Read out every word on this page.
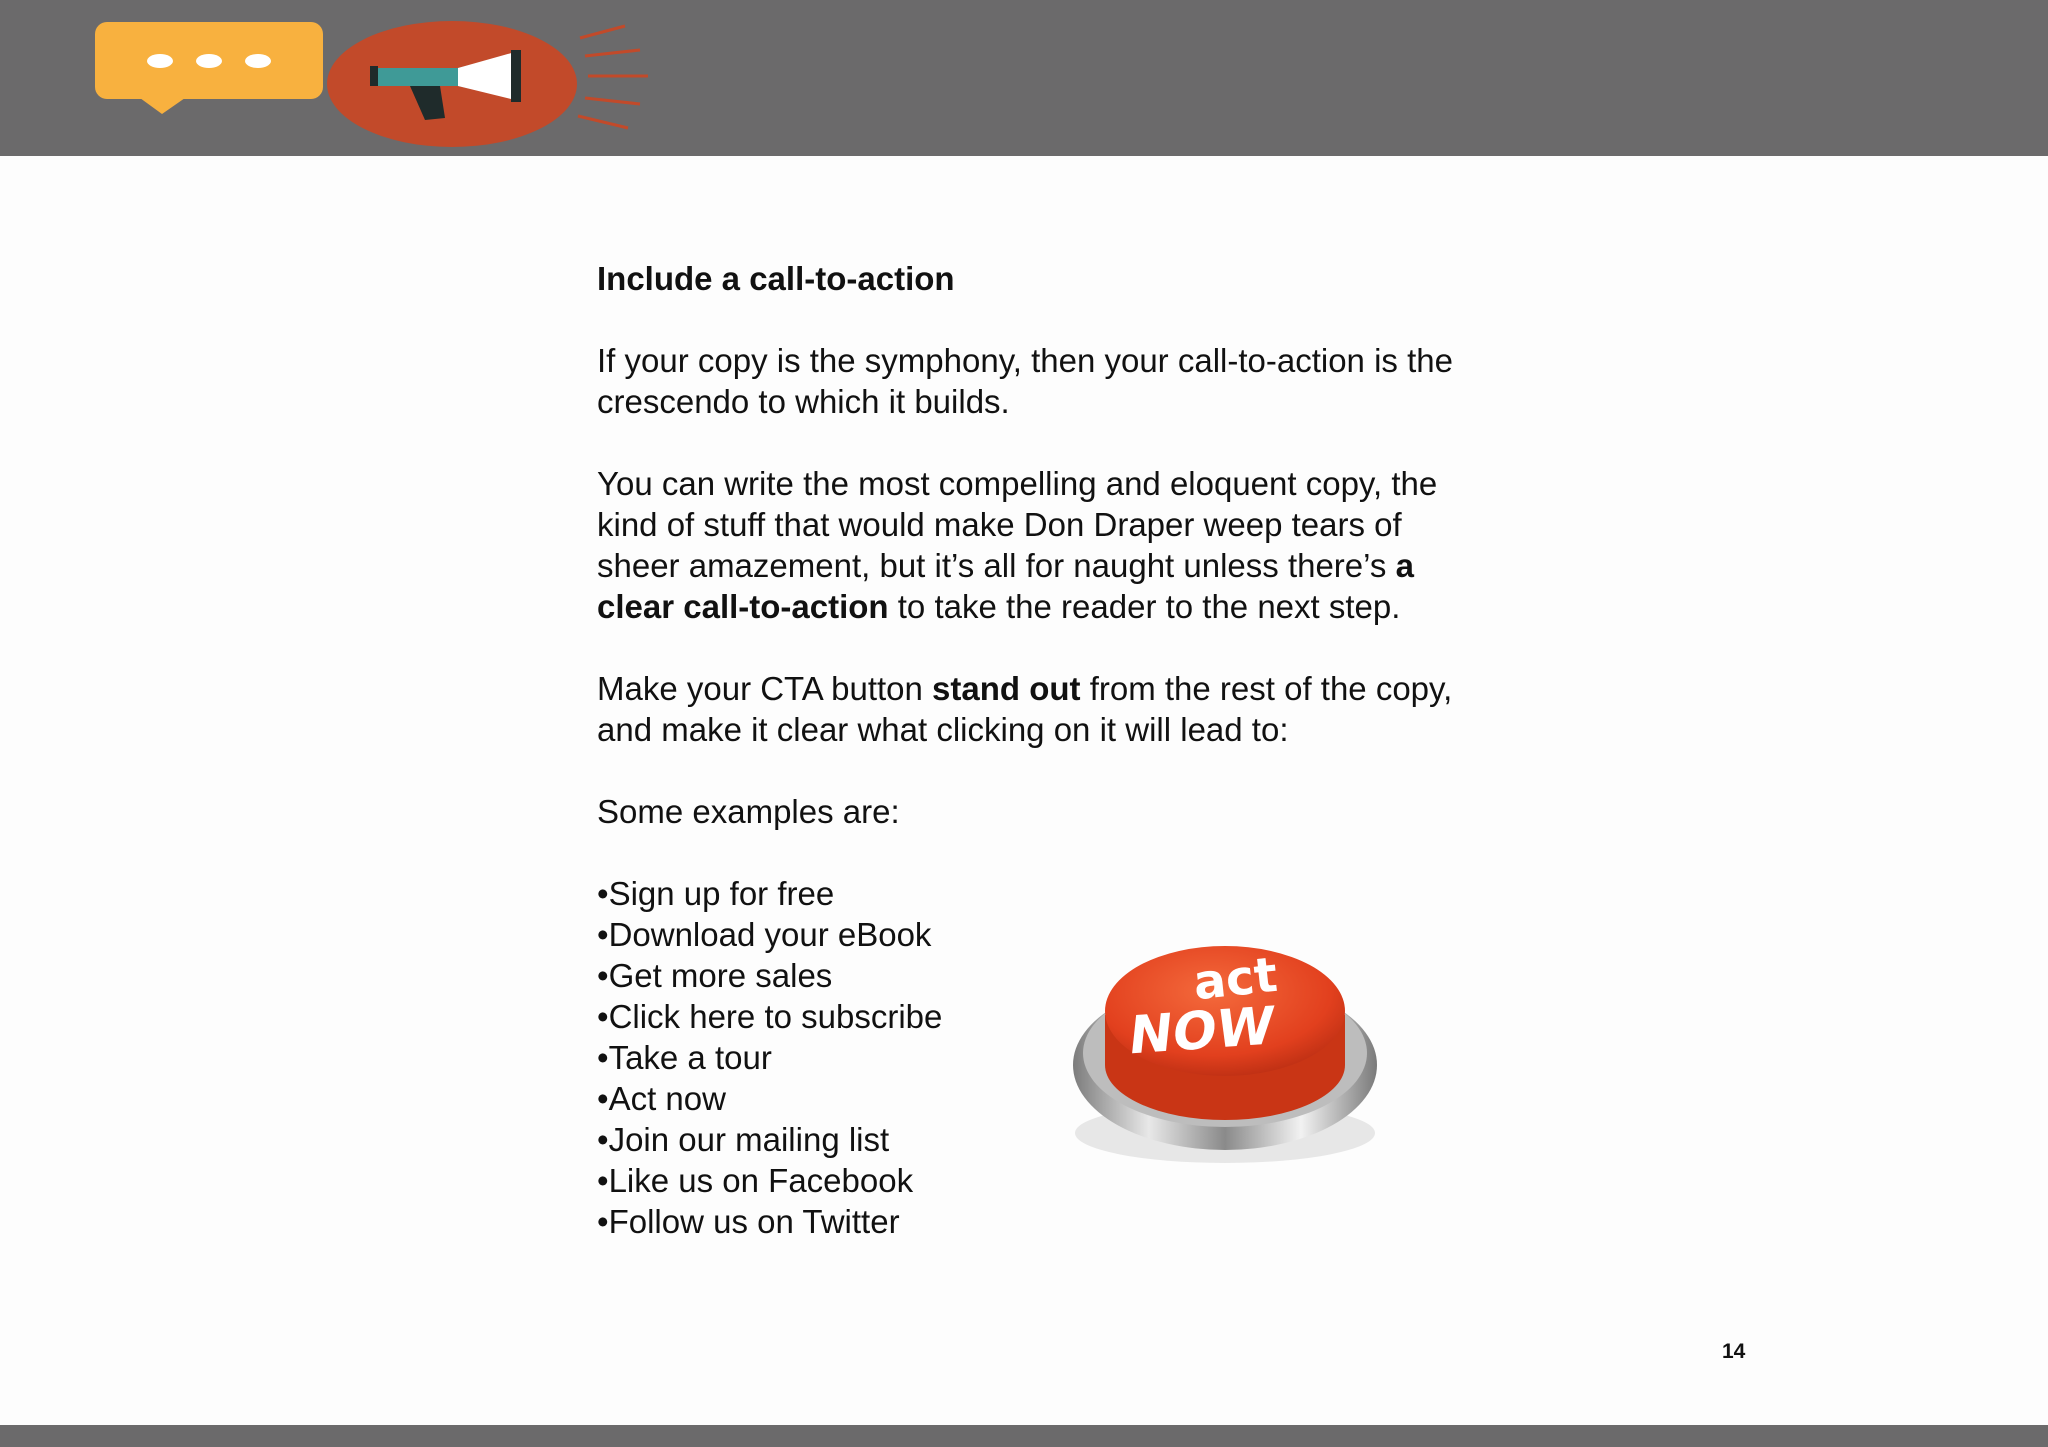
Include a call-to-action

If your copy is the symphony, then your call-to-action is the crescendo to which it builds.

You can write the most compelling and eloquent copy, the kind of stuff that would make Don Draper weep tears of sheer amazement, but it’s all for naught unless there’s a clear call-to-action to take the reader to the next step.

Make your CTA button stand out from the rest of the copy, and make it clear what clicking on it will lead to:

Some examples are:

•Sign up for free
•Download your eBook
•Get more sales
•Click here to subscribe
•Take a tour
•Act now
•Join our mailing list
•Like us on Facebook
•Follow us on Twitter
act
NOW
14
